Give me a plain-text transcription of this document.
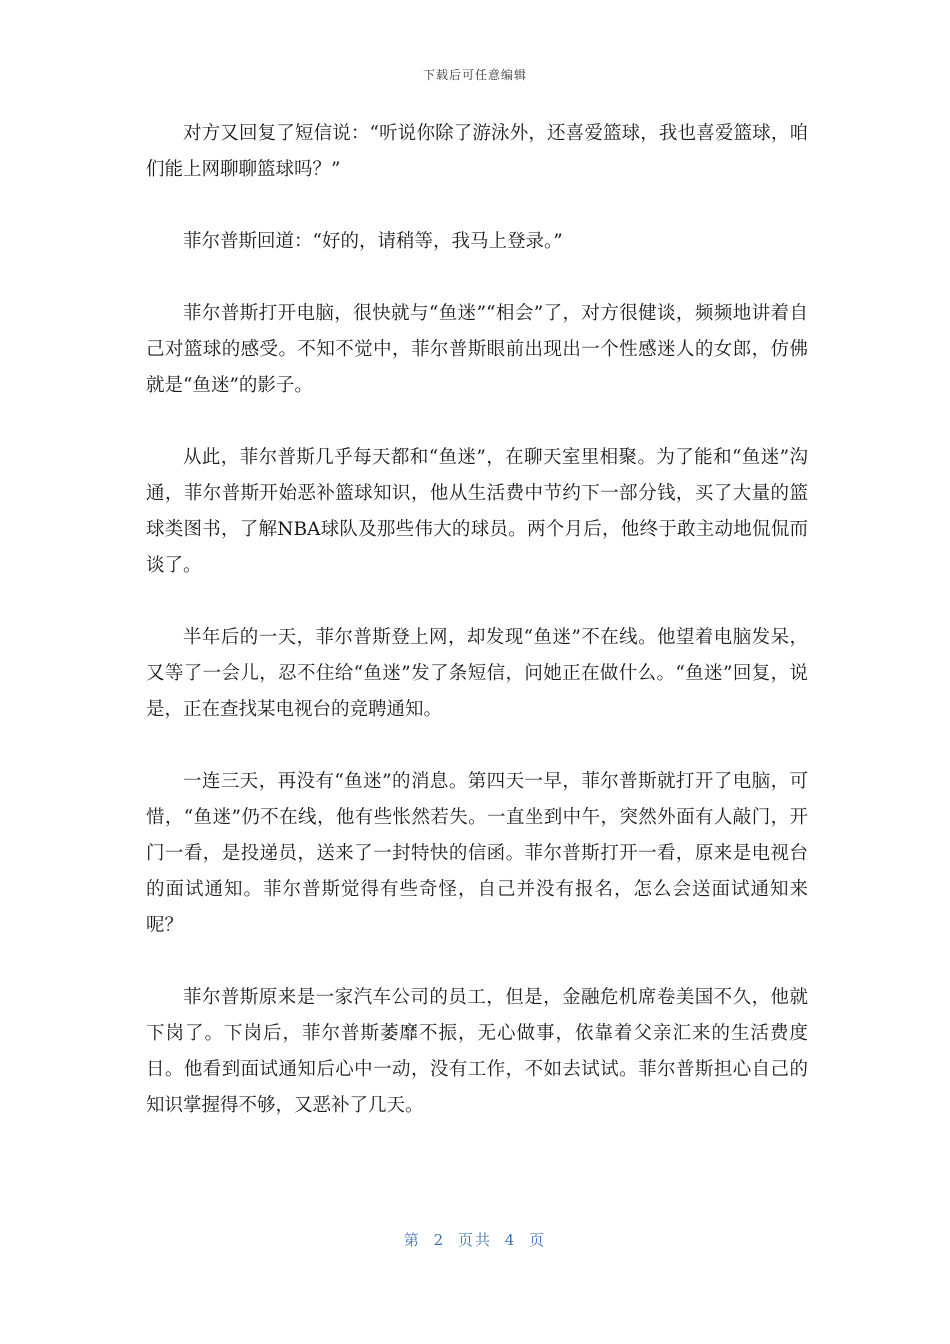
下载后可任意编辑

对方又回复了短信说：“听说你除了游泳外，还喜爱篮球，我也喜爱篮球，咱们能上网聊聊篮球吗？”

菲尔普斯回道：“好的，请稍等，我马上登录。”

菲尔普斯打开电脑，很快就与“鱼迷”“相会”了，对方很健谈，频频地讲着自己对篮球的感受。不知不觉中，菲尔普斯眼前出现出一个性感迷人的女郎，仿佛就是“鱼迷”的影子。

从此，菲尔普斯几乎每天都和“鱼迷”，在聊天室里相聚。为了能和“鱼迷”沟通，菲尔普斯开始恶补篮球知识，他从生活费中节约下一部分钱，买了大量的篮球类图书，了解NBA球队及那些伟大的球员。两个月后，他终于敢主动地侃侃而谈了。

半年后的一天，菲尔普斯登上网，却发现“鱼迷”不在线。他望着电脑发呆，又等了一会儿，忍不住给“鱼迷”发了条短信，问她正在做什么。“鱼迷”回复，说是，正在查找某电视台的竞聘通知。

一连三天，再没有“鱼迷”的消息。第四天一早，菲尔普斯就打开了电脑，可惜，“鱼迷”仍不在线，他有些怅然若失。一直坐到中午，突然外面有人敲门，开门一看，是投递员，送来了一封特快的信函。菲尔普斯打开一看，原来是电视台的面试通知。菲尔普斯觉得有些奇怪，自己并没有报名，怎么会送面试通知来呢？

菲尔普斯原来是一家汽车公司的员工，但是，金融危机席卷美国不久，他就下岗了。下岗后，菲尔普斯萎靡不振，无心做事，依靠着父亲汇来的生活费度日。他看到面试通知后心中一动，没有工作，不如去试试。菲尔普斯担心自己的知识掌握得不够，又恶补了几天。

第 2 页共 4 页
